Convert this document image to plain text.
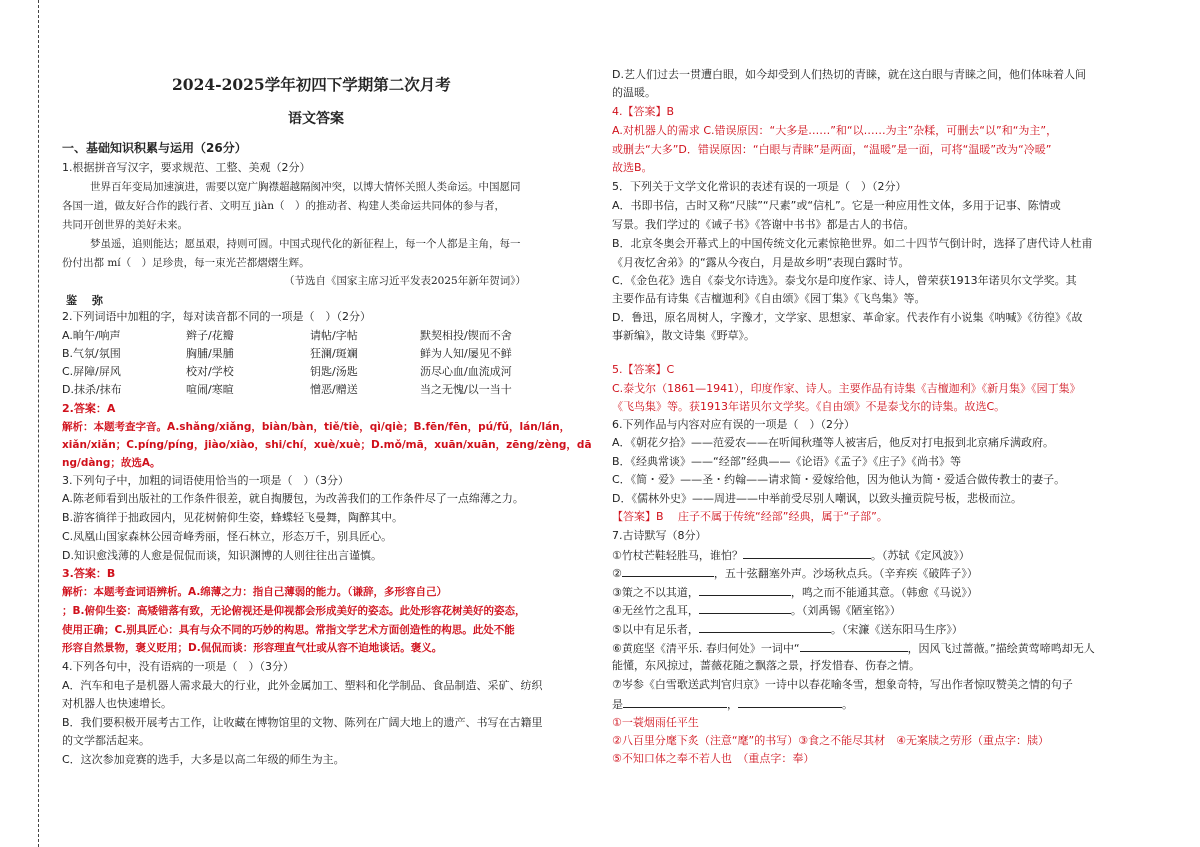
2024-2025学年初四下学期第二次月考
语文答案
一、基础知识积累与运用（26分）
1.根据拼音写汉字，要求规范、工整、美观（2分）
世界百年变局加速演进，需要以宽广胸襟超越隔阂冲突，以博大情怀关照人类命运。中国愿同
各国一道，做友好合作的践行者、文明互 jiàn（　）的推动者、构建人类命运共同体的参与者，
共同开创世界的美好未来。
梦虽遥，追则能达；愿虽艰，持则可圆。中国式现代化的新征程上，每一个人都是主角，每一
份付出都 mí（　）足珍贵，每一束光芒都熠熠生辉。
（节选自《国家主席习近平发表2025年新年贺词》）
鉴　弥
2.下列词语中加粗的字，每对读音都不同的一项是（　）（2分）
A.晌午/响声	辫子/花瓣	请帖/字帖	默契相投/锲而不舍
B.气氛/氛围	胸脯/果脯	狂澜/斑斓	鲜为人知/屡见不鲜
C.屏障/屏风	校对/学校	钥匙/汤匙	沥尽心血/血流成河
D.抹杀/抹布	喧闹/寒暄	憎恶/赠送	当之无愧/以一当十
2.答案：A
解析：本题考查字音。A.shǎng/xiǎng，biàn/bàn，tiě/tiè，qì/qiè；B.fēn/fēn，pú/fǔ，lán/lán，
xiǎn/xiǎn；C.píng/píng，jiào/xiào，shi/chí，xuè/xuè；D.mǒ/mā，xuān/xuān，zēng/zèng，dā
ng/dàng；故选A。
3.下列句子中，加粗的词语使用恰当的一项是（　）（3分）
A.陈老师看到出版社的工作条件很差，就自掏腰包，为改善我们的工作条件尽了一点绵薄之力。
B.游客徜徉于拙政园内，见花树俯仰生姿，蜂蝶轻飞曼舞，陶醉其中。
C.凤凰山国家森林公园奇峰秀丽，怪石林立，形态万千，别具匠心。
D.知识愈浅薄的人愈是侃侃而谈，知识渊博的人则往往出言谨慎。
3.答案：B
解析：本题考查词语辨析。A.绵薄之力：指自己薄弱的能力。（谦辞，多形容自己）
；B.俯仰生姿：高矮错落有致，无论俯视还是仰视都会形成美好的姿态。此处形容花树美好的姿态，
使用正确；C.别具匠心：具有与众不同的巧妙的构思。常指文学艺术方面创造性的构思。此处不能
形容自然景物，褒义贬用；D.侃侃而谈：形容理直气壮或从容不迫地谈话。褒义。
4.下列各句中，没有语病的一项是（　）（3分）
A．汽车和电子是机器人需求最大的行业，此外金属加工、塑料和化学制品、食品制造、采矿、纺织
对机器人也快速增长。
B．我们要积极开展考古工作，让收藏在博物馆里的文物、陈列在广阔大地上的遗产、书写在古籍里
的文学都活起来。
C．这次参加竞赛的选手，大多是以高二年级的师生为主。
D.艺人们过去一贯遭白眼，如今却受到人们热切的青睐，就在这白眼与青睐之间，他们体味着人间
的温暖。
4.【答案】B
A.对机器人的需求 C.错误原因：“大多是……”和“以……为主”杂糅，可删去“以”和“为主”，
或删去“大多”D．错误原因：“白眼与青睐”是两面，“温暖”是一面，可将“温暖”改为“冷暖”
故选B。
5．下列关于文学文化常识的表述有误的一项是（　）（2分）
A．书即书信，古时又称“尺牍”“尺素”或“信札”。它是一种应用性文体，多用于记事、陈情或
写景。我们学过的《诫子书》《答谢中书书》都是古人的书信。
B．北京冬奥会开幕式上的中国传统文化元素惊艳世界。如二十四节气倒计时，选择了唐代诗人杜甫
《月夜忆舍弟》的“露从今夜白，月是故乡明”表现白露时节。
C．《金色花》选自《泰戈尔诗选》。泰戈尔是印度作家、诗人，曾荣获1913年诺贝尔文学奖。其
主要作品有诗集《吉檀迦利》《自由颂》《园丁集》《飞鸟集》等。
D．鲁迅，原名周树人，字豫才，文学家、思想家、革命家。代表作有小说集《呐喊》《彷徨》《故
事新编》，散文诗集《野草》。
5.【答案】C
C.泰戈尔（1861—1941），印度作家、诗人。主要作品有诗集《吉檀迦利》《新月集》《园丁集》
《飞鸟集》等。获1913年诺贝尔文学奖。《自由颂》不是泰戈尔的诗集。故选C。
6.下列作品与内容对应有误的一项是（　）（2分）
A．《朝花夕拾》——范爱农——在听闻秋瑾等人被害后，他反对打电报到北京痛斥满政府。
B．《经典常谈》——“经部”经典——《论语》《孟子》《庄子》《尚书》等
C．《简・爱》——圣・约翰——请求简・爱嫁给他，因为他认为简・爱适合做传教士的妻子。
D．《儒林外史》——周进——中举前受尽别人嘲讽，以致头撞贡院号板，悲极而泣。
【答案】B　 庄子不属于传统“经部”经典，属于“子部”。
7.古诗默写（8分）
①竹杖芒鞋轻胜马，谁怕？	。（苏轼《定风波》）
②	，五十弦翻塞外声。沙场秋点兵。（辛弃疾《破阵子》）
③策之不以其道，	，鸣之而不能通其意。（韩愈《马说》）
④无丝竹之乱耳，	。（刘禹锡《陋室铭》）
⑤以中有足乐者，	。（宋濂《送东阳马生序》）
⑥黄庭坚《清平乐. 春归何处》一词中“	，因风飞过蔷薇。”描绘黄莺啼鸣却无人
能懂，东风掠过，蔷薇花随之飘落之景，抒发惜春、伤春之情。
⑦岑参《白雪歌送武判官归京》一诗中以春花喻冬雪，想象奇特，写出作者惊叹赞美之情的句子
是	，	。
①一蓑烟雨任平生
②八百里分麾下炙（注意“麾”的书写）③食之不能尽其材　④无案牍之劳形（重点字：牍）
⑤不知口体之奉不若人也　（重点字：奉）
